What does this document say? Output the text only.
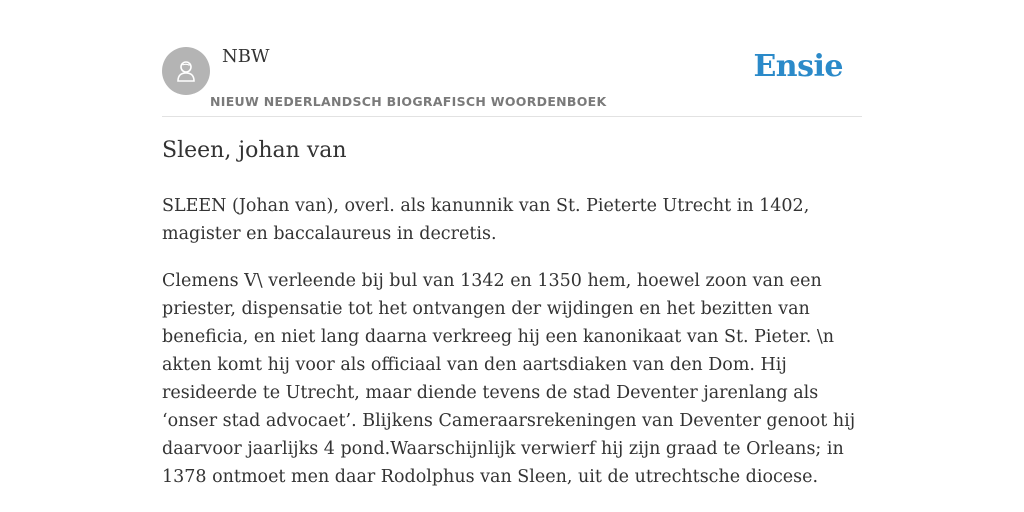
NBW
NIEUW NEDERLANDSCH BIOGRAFISCH WOORDENBOEK
Ensie
Sleen, johan van

SLEEN (Johan van), overl. als kanunnik van St. Pieterte Utrecht in 1402, magister en baccalaureus in decretis.

Clemens V\ verleende bij bul van 1342 en 1350 hem, hoewel zoon van een priester, dispensatie tot het ontvangen der wijdingen en het bezitten van beneficia, en niet lang daarna verkreeg hij een kanonikaat van St. Pieter. \n akten komt hij voor als officiaal van den aartsdiaken van den Dom. Hij resideerde te Utrecht, maar diende tevens de stad Deventer jarenlang als ‘onser stad advocaet’. Blijkens Cameraarsrekeningen van Deventer genoot hij daarvoor jaarlijks 4 pond.Waarschijnlijk verwierf hij zijn graad te Orleans; in 1378 ontmoet men daar Rodolphus van Sleen, uit de utrechtsche diocese.
